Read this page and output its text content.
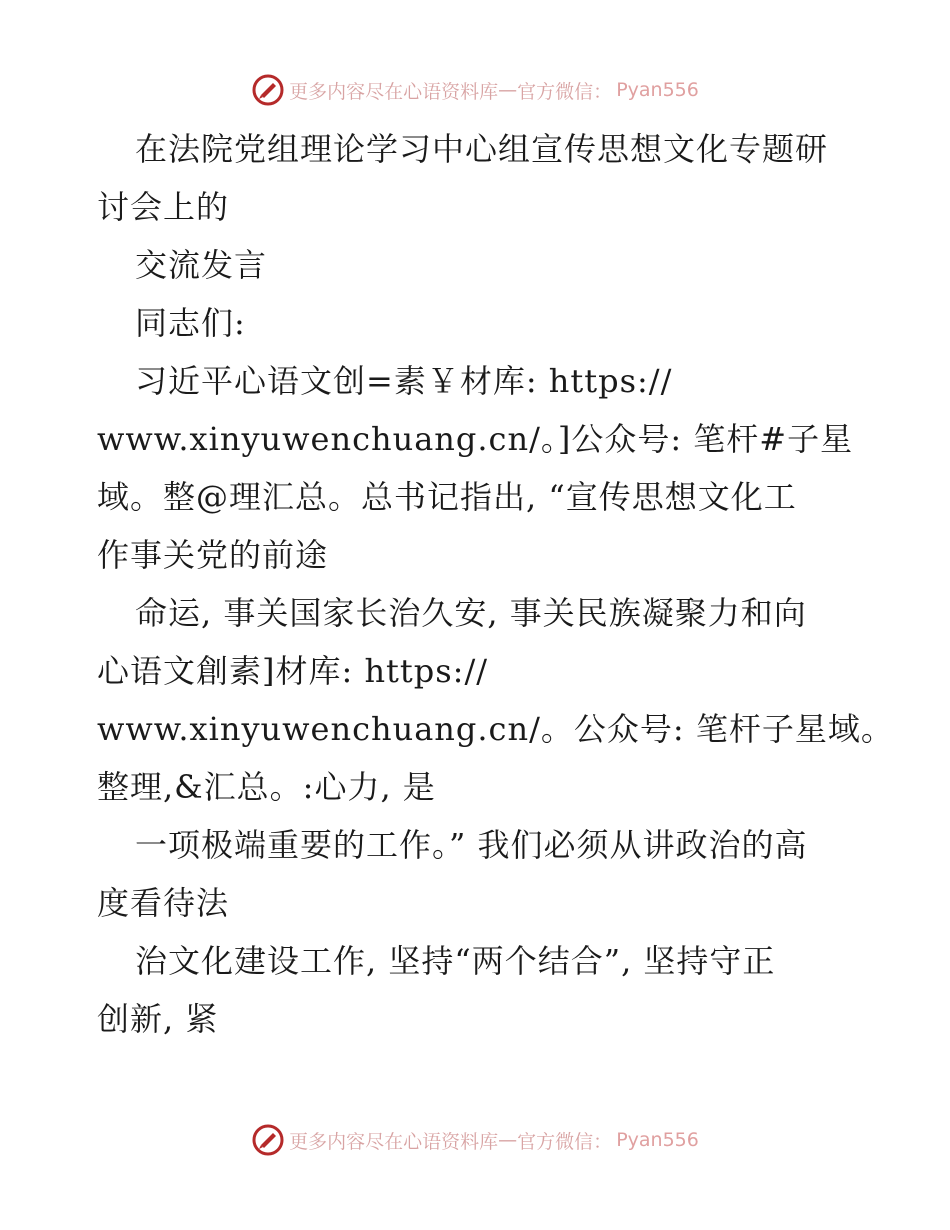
更多内容尽在心语资料库 — 官方微信： Pyan556
在法院党组理论学习中心组宣传思想文化专题研
讨会上的
交流发言
同志们:
习近平心语文创=素￥材库: https://
www.xinyuwenchuang.cn/。]公众号: 笔杆#子星
域。整@理汇总。总书记指出, “宣传思想文化工
作事关党的前途
命运, 事关国家长治久安, 事关民族凝聚力和向
心语文創素]材库: https://
www.xinyuwenchuang.cn/。公众号: 笔杆子星域。
整理,&汇总。:心力, 是
一项极端重要的工作。” 我们必须从讲政治的高
度看待法
治文化建设工作, 坚持“两个结合”, 坚持守正
创新, 紧
更多内容尽在心语资料库 — 官方微信： Pyan556
